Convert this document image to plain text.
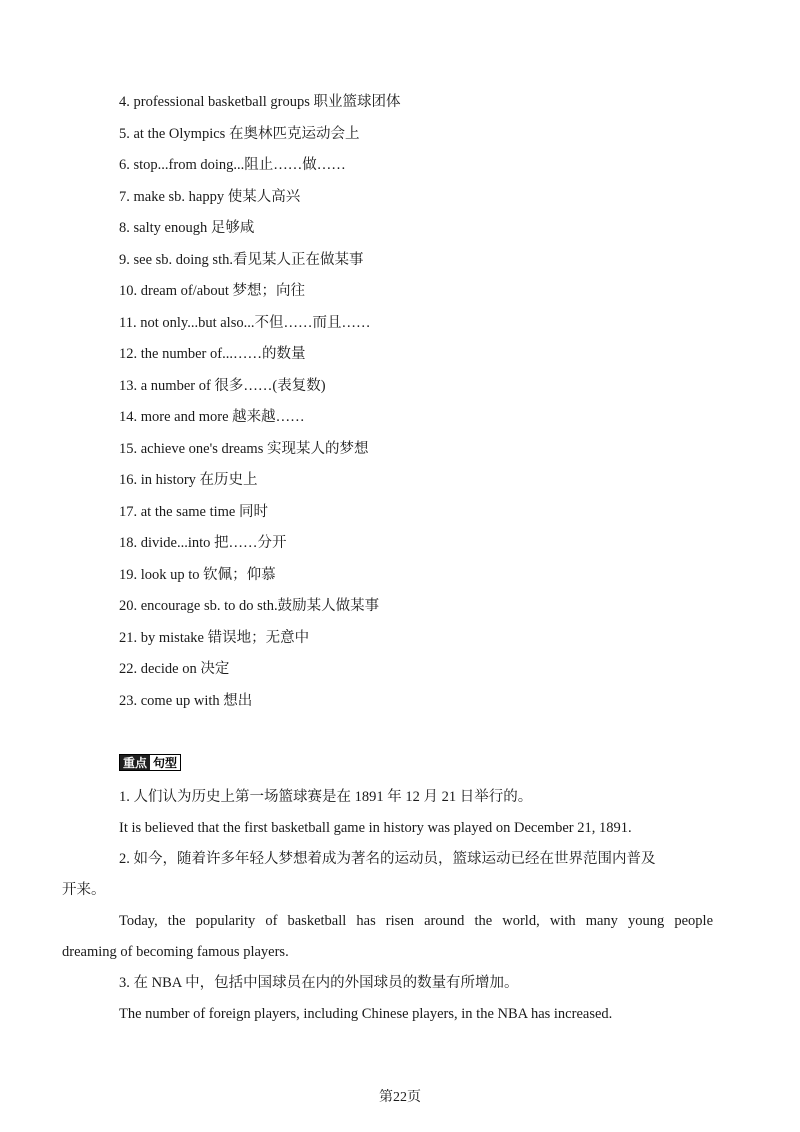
4. professional basketball groups 职业篮球团体
5. at the Olympics 在奥林匹克运动会上
6. stop...from doing...阻止……做……
7. make sb. happy 使某人高兴
8. salty enough 足够咸
9. see sb. doing sth.看见某人正在做某事
10. dream of/about 梦想；向往
11. not only...but also...不但……而且……
12. the number of...……的数量
13. a number of 很多……(表复数)
14. more and more 越来越……
15. achieve one's dreams 实现某人的梦想
16. in history 在历史上
17. at the same time 同时
18. divide...into 把……分开
19. look up to 钦佩；仰慕
20. encourage sb. to do sth.鼓励某人做某事
21. by mistake 错误地；无意中
22. decide on 决定
23. come up with 想出
重点 句型
1. 人们认为历史上第一场篮球赛是在 1891 年 12 月 21 日举行的。
It is believed that the first basketball game in history was played on December 21, 1891.
2. 如今，随着许多年轻人梦想着成为著名的运动员，篮球运动已经在世界范围内普及
开来。
Today, the popularity of basketball has risen around the world, with many young people
dreaming of becoming famous players.
3. 在 NBA 中，包括中国球员在内的外国球员的数量有所增加。
The number of foreign players, including Chinese players, in the NBA has increased.
第22页
